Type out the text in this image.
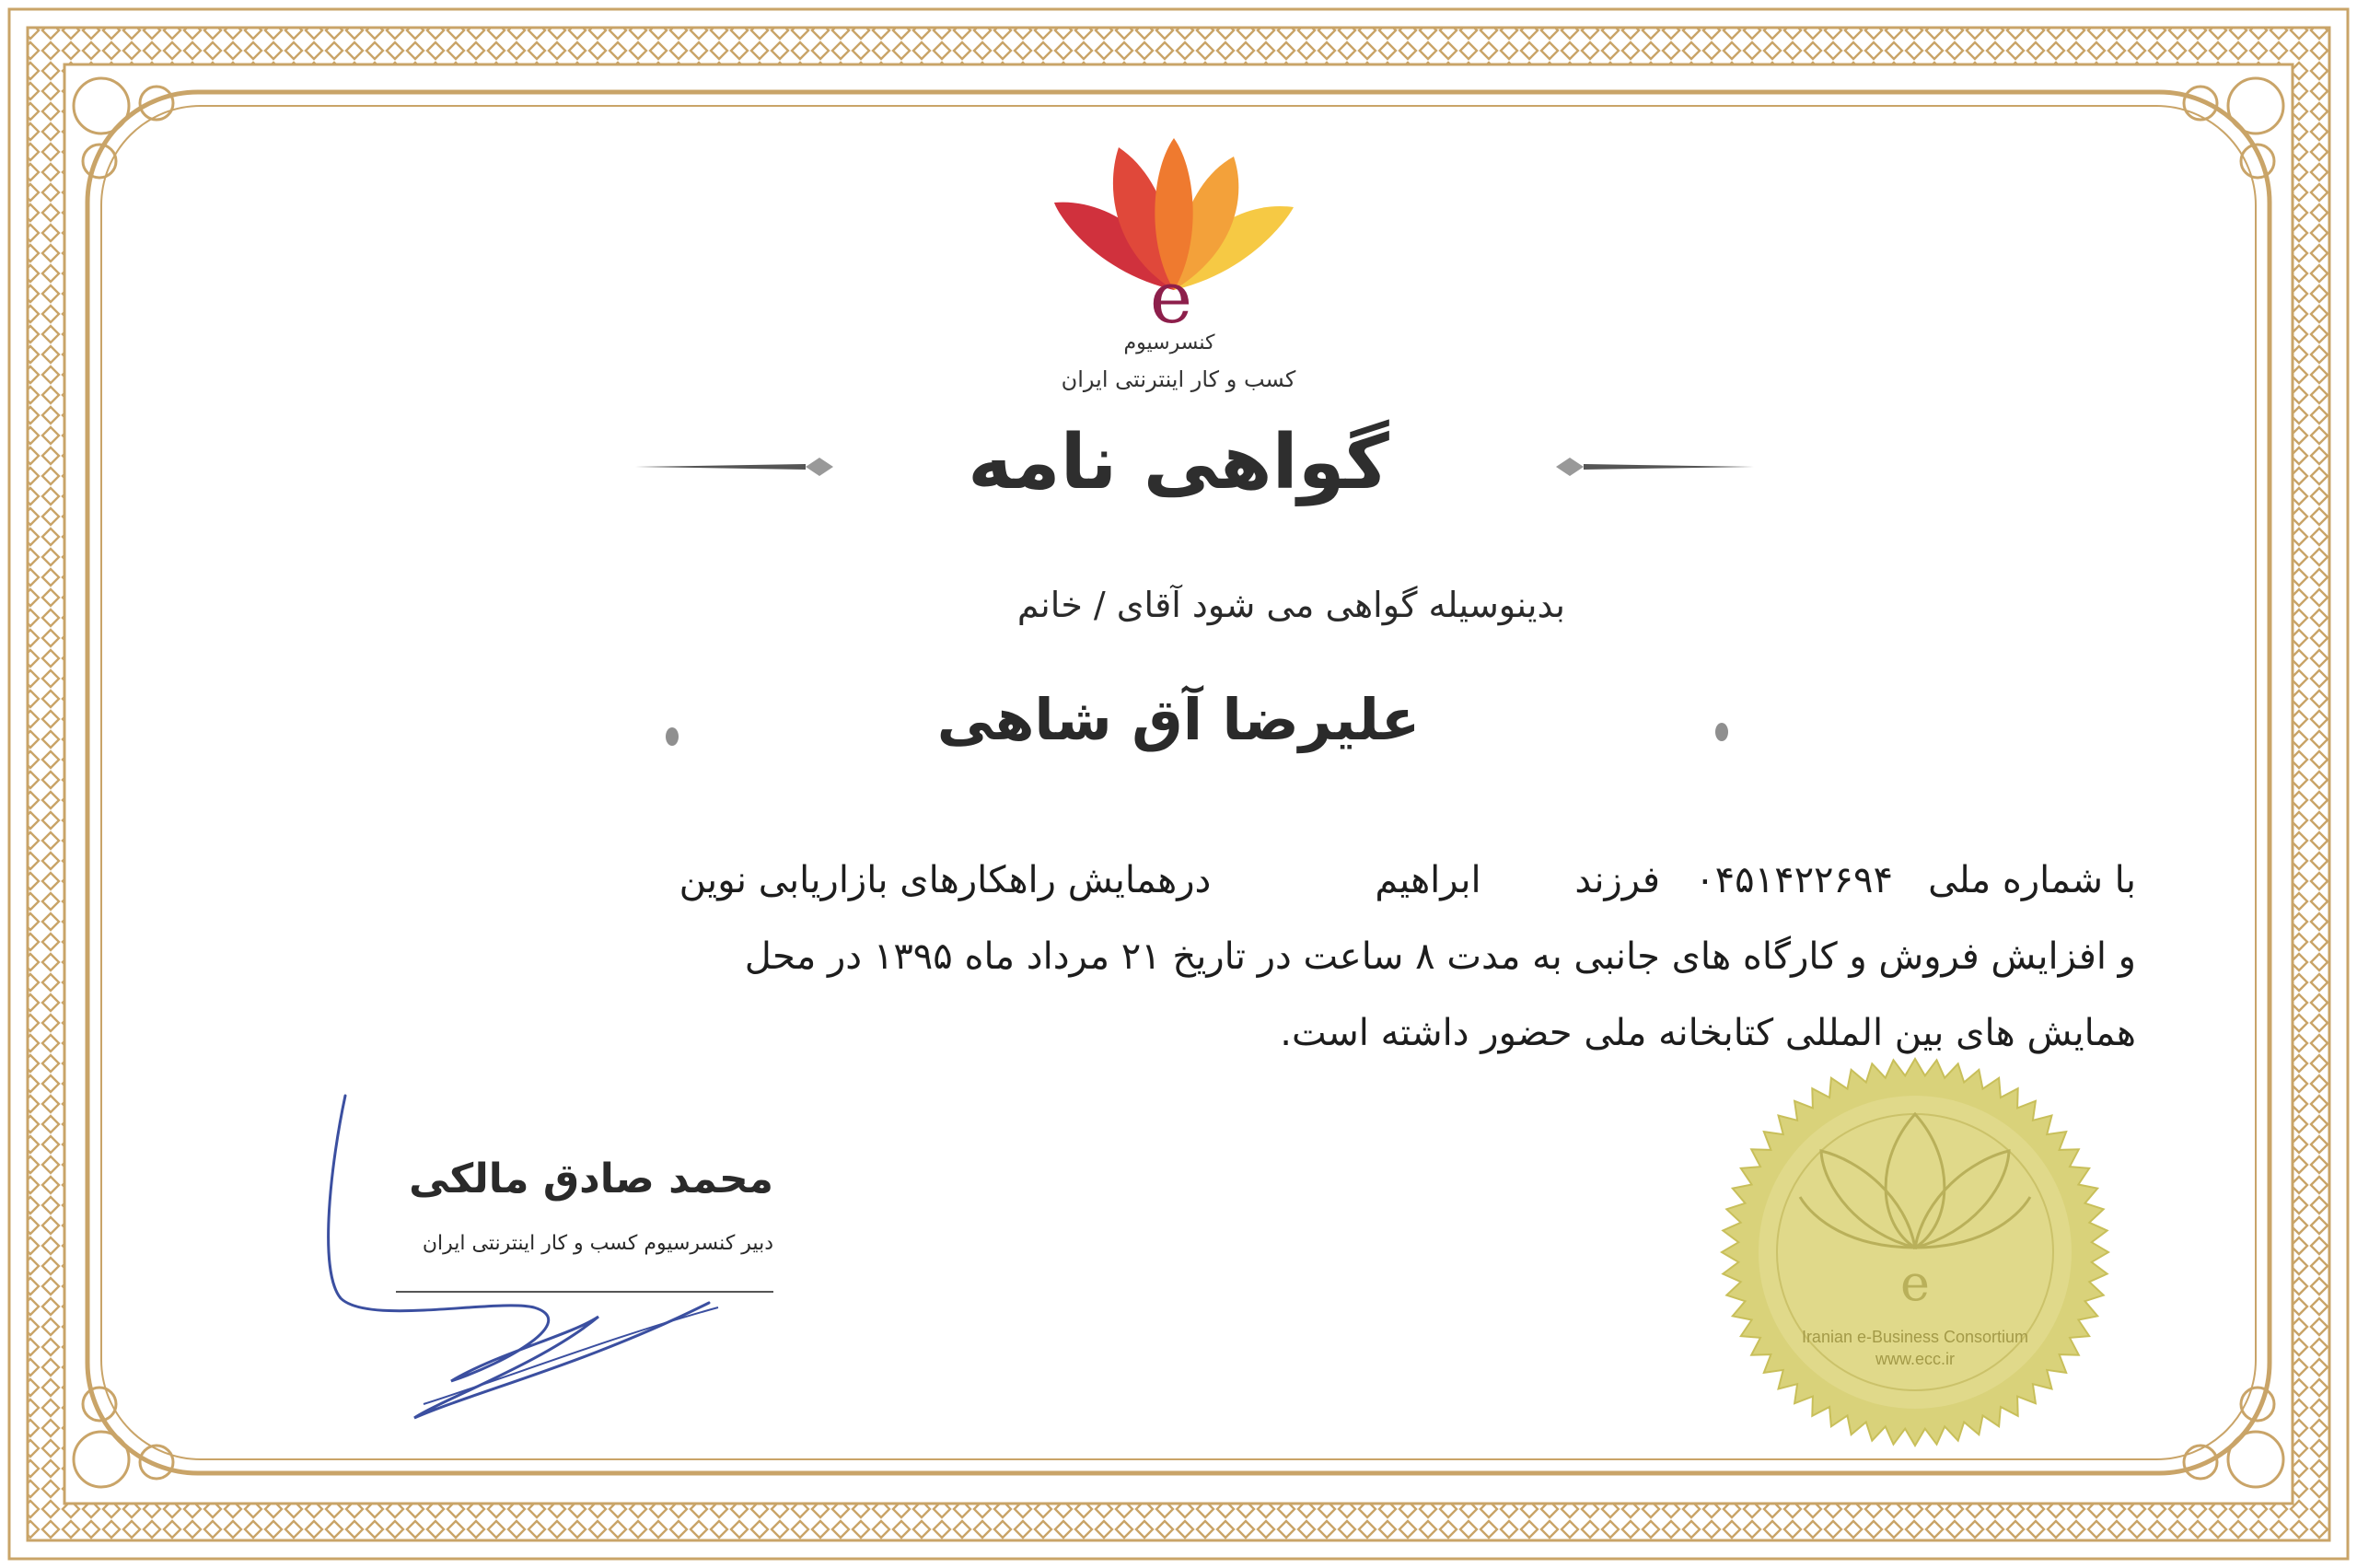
e
کنسرسیوم
کسب و کار اینترنتی ایران
گواهی نامه
بدینوسیله گواهی می شود آقای / خانم
علیرضا آق شاهی
با شماره ملی   ۰۴۵۱۴۲۲۶۹۴   فرزند        ابراهیم              درهمایش راهکارهای بازاریابی نوین
و افزایش فروش و کارگاه های جانبی به مدت ۸ ساعت در تاریخ ۲۱ مرداد ماه ۱۳۹۵ در محل
همایش های بین المللی کتابخانه ملی حضور داشته است.
محمد صادق مالکی
دبیر کنسرسیوم کسب و کار اینترنتی ایران
e
Iranian e-Business Consortium
www.ecc.ir
